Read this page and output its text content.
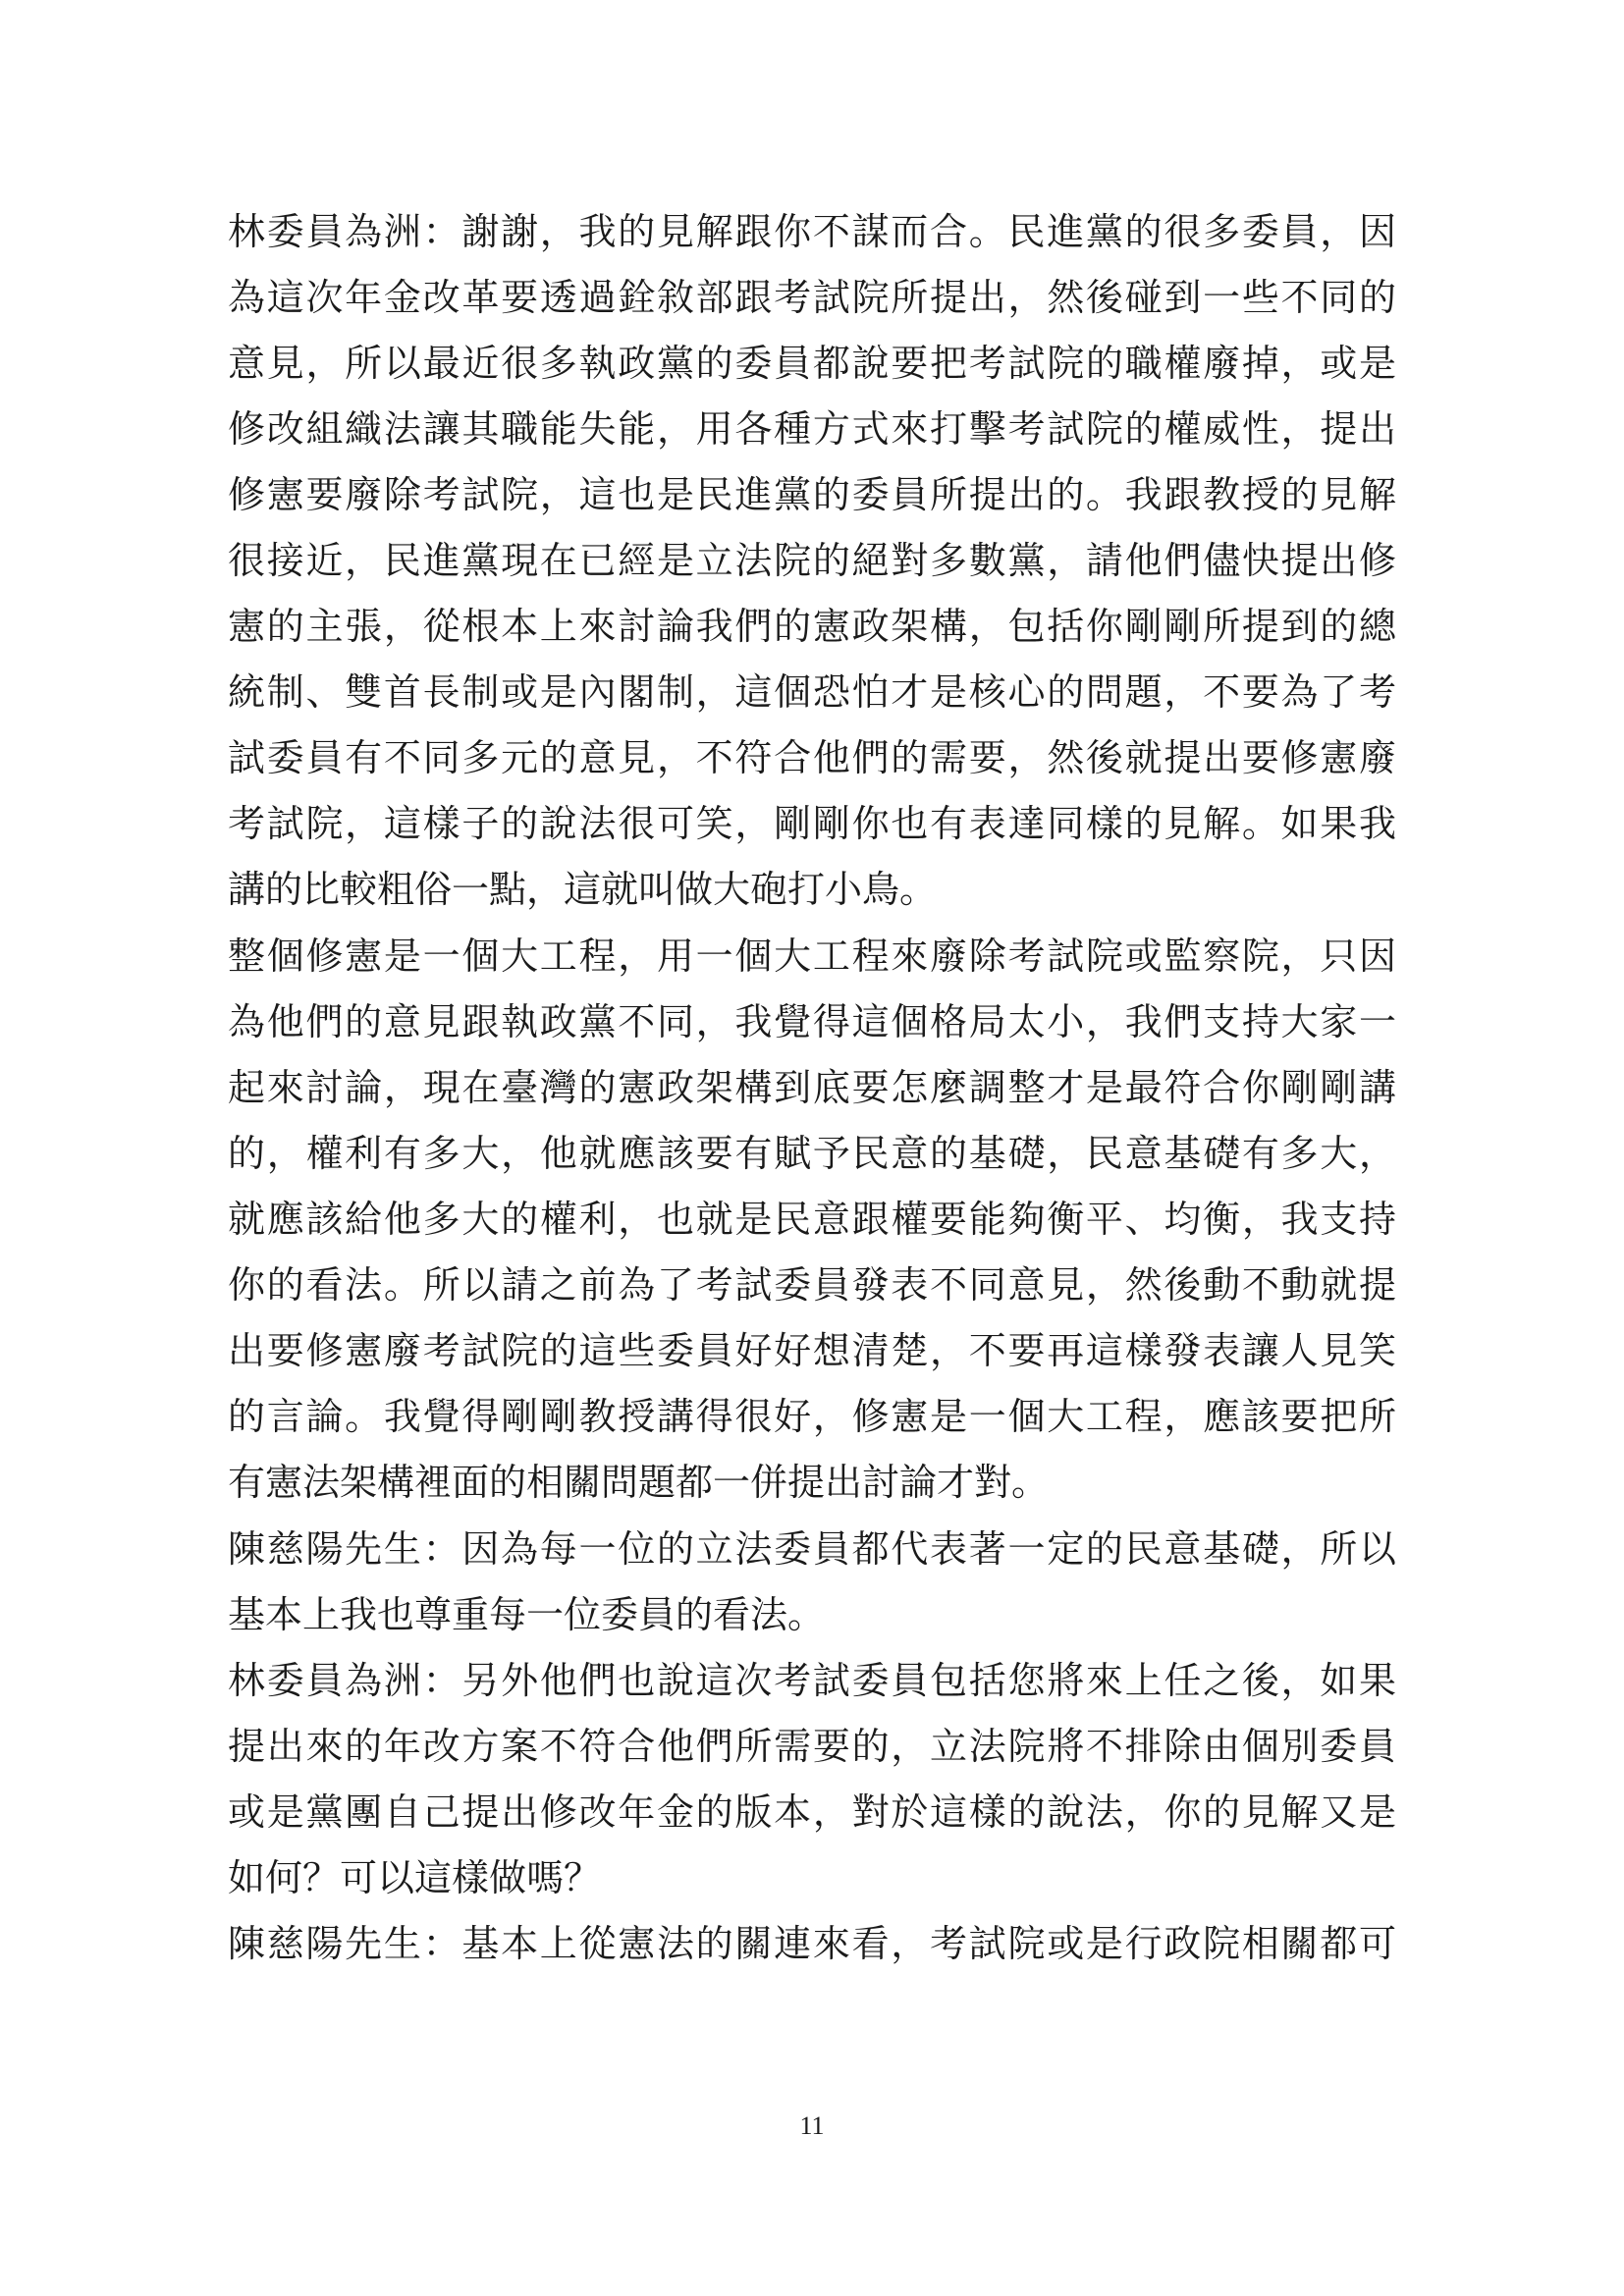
林委員為洲：謝謝，我的見解跟你不謀而合。民進黨的很多委員，因
為這次年金改革要透過銓敘部跟考試院所提出，然後碰到一些不同的
意見，所以最近很多執政黨的委員都說要把考試院的職權廢掉，或是
修改組織法讓其職能失能，用各種方式來打擊考試院的權威性，提出
修憲要廢除考試院，這也是民進黨的委員所提出的。我跟教授的見解
很接近，民進黨現在已經是立法院的絕對多數黨，請他們儘快提出修
憲的主張，從根本上來討論我們的憲政架構，包括你剛剛所提到的總
統制、雙首長制或是內閣制，這個恐怕才是核心的問題，不要為了考
試委員有不同多元的意見，不符合他們的需要，然後就提出要修憲廢
考試院，這樣子的說法很可笑，剛剛你也有表達同樣的見解。如果我
講的比較粗俗一點，這就叫做大砲打小鳥。
整個修憲是一個大工程，用一個大工程來廢除考試院或監察院，只因
為他們的意見跟執政黨不同，我覺得這個格局太小，我們支持大家一
起來討論，現在臺灣的憲政架構到底要怎麼調整才是最符合你剛剛講
的，權利有多大，他就應該要有賦予民意的基礎，民意基礎有多大，
就應該給他多大的權利，也就是民意跟權要能夠衡平、均衡，我支持
你的看法。所以請之前為了考試委員發表不同意見，然後動不動就提
出要修憲廢考試院的這些委員好好想清楚，不要再這樣發表讓人見笑
的言論。我覺得剛剛教授講得很好，修憲是一個大工程，應該要把所
有憲法架構裡面的相關問題都一併提出討論才對。
陳慈陽先生：因為每一位的立法委員都代表著一定的民意基礎，所以
基本上我也尊重每一位委員的看法。
林委員為洲：另外他們也說這次考試委員包括您將來上任之後，如果
提出來的年改方案不符合他們所需要的，立法院將不排除由個別委員
或是黨團自己提出修改年金的版本，對於這樣的說法，你的見解又是
如何？可以這樣做嗎？
陳慈陽先生：基本上從憲法的關連來看，考試院或是行政院相關都可
11
